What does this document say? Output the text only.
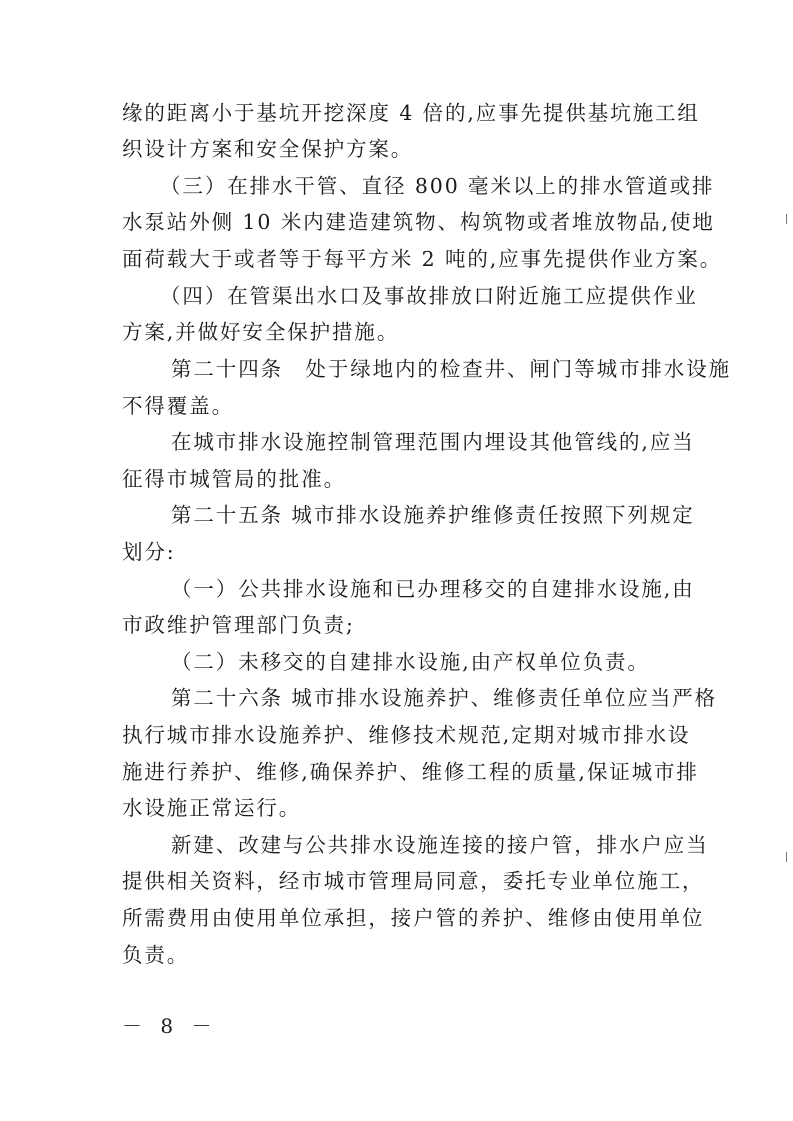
缘的距离小于基坑开挖深度 4 倍的,应事先提供基坑施工组
织设计方案和安全保护方案。
（三）在排水干管、直径 800 毫米以上的排水管道或排
水泵站外侧 10 米内建造建筑物、构筑物或者堆放物品,使地
面荷载大于或者等于每平方米 2 吨的,应事先提供作业方案。
（四）在管渠出水口及事故排放口附近施工应提供作业
方案,并做好安全保护措施。
第二十四条　处于绿地内的检查井、闸门等城市排水设施
不得覆盖。
在城市排水设施控制管理范围内埋设其他管线的,应当
征得市城管局的批准。
第二十五条 城市排水设施养护维修责任按照下列规定
划分:
（一）公共排水设施和已办理移交的自建排水设施,由
市政维护管理部门负责;
（二）未移交的自建排水设施,由产权单位负责。
第二十六条 城市排水设施养护、维修责任单位应当严格
执行城市排水设施养护、维修技术规范,定期对城市排水设
施进行养护、维修,确保养护、维修工程的质量,保证城市排
水设施正常运行。
新建、改建与公共排水设施连接的接户管，排水户应当
提供相关资料，经市城市管理局同意，委托专业单位施工，
所需费用由使用单位承担，接户管的养护、维修由使用单位
负责。
－ 8 －
